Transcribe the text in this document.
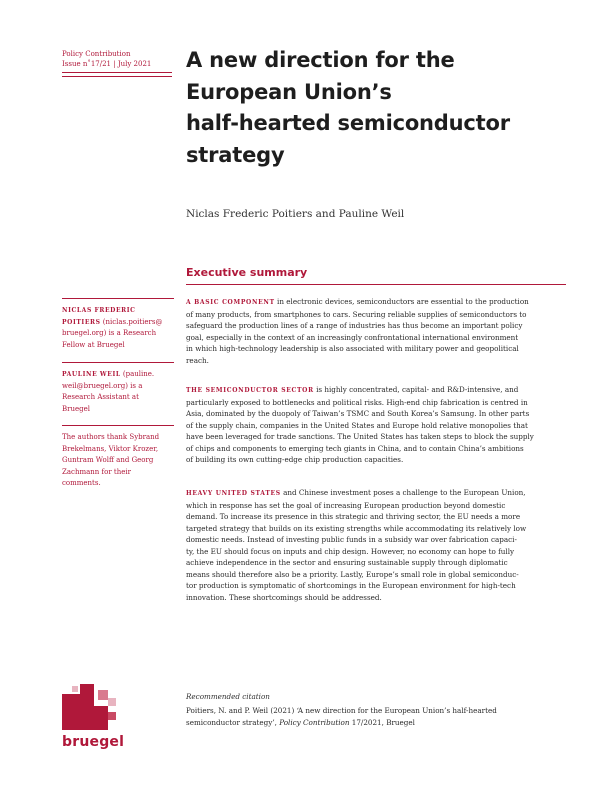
Policy Contribution
Issue n˚17/21 | July 2021	A new direction for the
European Union’s
half-hearted semiconductor
strategy
Niclas Frederic Poitiers and Pauline Weil
Executive summary
NICLAS FREDERIC
POITIERS (niclas.poitiers@
bruegel.org) is a Research
Fellow at Bruegel
PAULINE WEIL (pauline.
weil@bruegel.org) is a
Research Assistant at
Bruegel
The authors thank Sybrand
Brekelmans, Viktor Krozer,
Guntram Wolff and Georg
Zachmann for their
comments.
A BASIC COMPONENT in electronic devices, semiconductors are essential to the production
of many products, from smartphones to cars. Securing reliable supplies of semiconductors to
safeguard the production lines of a range of industries has thus become an important policy
goal, especially in the context of an increasingly confrontational international environment
in which high-technology leadership is also associated with military power and geopolitical
reach.
THE SEMICONDUCTOR SECTOR is highly concentrated, capital- and R&D-intensive, and
particularly exposed to bottlenecks and political risks. High-end chip fabrication is centred in
Asia, dominated by the duopoly of Taiwan’s TSMC and South Korea’s Samsung. In other parts
of the supply chain, companies in the United States and Europe hold relative monopolies that
have been leveraged for trade sanctions. The United States has taken steps to block the supply
of chips and components to emerging tech giants in China, and to contain China’s ambitions
of building its own cutting-edge chip production capacities.
HEAVY UNITED STATES and Chinese investment poses a challenge to the European Union,
which in response has set the goal of increasing European production beyond domestic
demand. To increase its presence in this strategic and thriving sector, the EU needs a more
targeted strategy that builds on its existing strengths while accommodating its relatively low
domestic needs. Instead of investing public funds in a subsidy war over fabrication capaci-
ty, the EU should focus on inputs and chip design. However, no economy can hope to fully
achieve independence in the sector and ensuring sustainable supply through diplomatic
means should therefore also be a priority. Lastly, Europe’s small role in global semiconduc-
tor production is symptomatic of shortcomings in the European environment for high-tech
innovation. These shortcomings should be addressed.
bruegel
Recommended citation
Poitiers, N. and P. Weil (2021) ‘A new direction for the European Union’s half-hearted
semiconductor strategy’, Policy Contribution 17/2021, Bruegel
